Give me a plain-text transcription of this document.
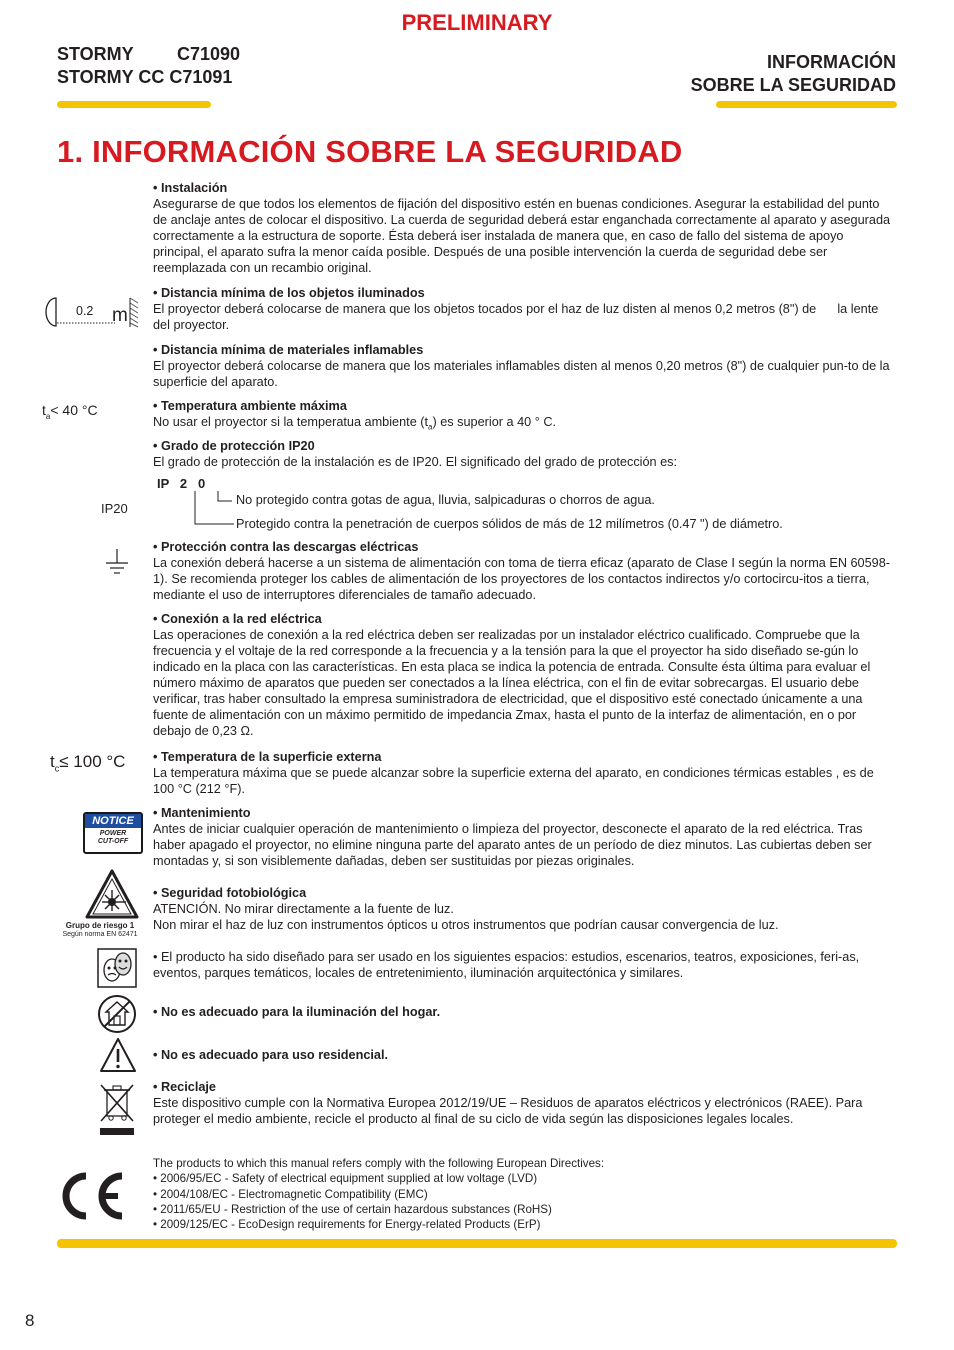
PRELIMINARY
STORMY C71090
STORMY CC C71091
INFORMACIÓN
SOBRE LA SEGURIDAD
1. INFORMACIÓN SOBRE LA SEGURIDAD
• Instalación
Asegurarse de que todos los elementos de fijación del dispositivo estén en buenas condiciones. Asegurar la estabilidad del punto de anclaje antes de colocar el dispositivo. La cuerda de seguridad deberá estar enganchada correctamente al aparato y asegurada correctamente a la estructura de soporte. Ésta deberá iser instalada de manera que, en caso de fallo del sistema de apoyo principal, el aparato sufra la menor caída posible. Después de una posible intervención la cuerda de seguridad debe ser reemplazada con un recambio original.
0.2 m
• Distancia mínima de los objetos iluminados
El proyector deberá colocarse de manera que los objetos tocados por el haz de luz disten al menos 0,2 metros (8") de      la lente del proyector.
• Distancia mínima de materiales inflamables
El proyector deberá colocarse de manera que los materiales inflamables disten al menos 0,20 metros (8") de cualquier pun-to de la superficie del aparato.
$t_a< 40$ °C	• Temperatura ambiente máxima
No usar el proyector si la temperatua ambiente $(t_a)$ es superior a 40 ° C.
• Grado de protección IP20
El grado de protección de la instalación es de IP20. El significado del grado de protección es:
IP20
IP   2   0
No protegido contra gotas de agua, lluvia, salpicaduras o chorros de agua.
Protegido contra la penetración de cuerpos sólidos de más de 12 milímetros (0.47 ") de diámetro.
• Protección contra las descargas eléctricas
La conexión deberá hacerse a un sistema de alimentación con toma de tierra eficaz (aparato de Clase I según la norma EN 60598-1). Se recomienda proteger los cables de alimentación de los proyectores de los contactos indirectos y/o cortocircu-itos a tierra, mediante el uso de interruptores diferenciales de tamaño adecuado.
• Conexión a la red eléctrica
Las operaciones de conexión a la red eléctrica deben ser realizadas por un instalador eléctrico cualificado. Compruebe que la frecuencia y el voltaje de la red corresponde a la frecuencia y a la tensión para la que el proyector ha sido diseñado se-gún lo indicado en la placa con las características. En esta placa se indica la potencia de entrada. Consulte ésta última para evaluar el número máximo de aparatos que pueden ser conectados a la línea eléctrica, con el fin de evitar sobrecargas. El usuario debe verificar, tras haber consultado la empresa suministradora de electricidad, que el dispositivo esté conectado únicamente a una fuente de alimentación con un máximo permitido de impedancia Zmax, hasta el punto de la interfaz de alimentación, en o por debajo de 0,23 Ω.
$t_c\le 100$ °C • Temperatura de la superficie externa
La temperatura máxima que se puede alcanzar sobre la superficie externa del aparato, en condiciones térmicas estables , es de 100 °C (212 °F).
NOTICE
POWER
CUT-OFF
• Mantenimiento
Antes de iniciar cualquier operación de mantenimiento o limpieza del proyector, desconecte el aparato de la red eléctrica. Tras haber apagado el proyector, no elimine ninguna parte del aparato antes de un período de diez minutos. Las cubiertas deben ser montadas y, si son visiblemente dañadas, deben ser sustituidas por piezas originales.
Grupo de riesgo 1
Según norma EN 62471
• Seguridad fotobiológica
ATENCIÓN. No mirar directamente a la fuente de luz.
Non mirar el haz de luz con instrumentos ópticos u otros instrumentos que podrían causar convergencia de luz.
• El producto ha sido diseñado para ser usado en los siguientes espacios: estudios, escenarios, teatros, exposiciones, feri-as, eventos, parques temáticos, locales de entretenimiento, iluminación arquitectónica y similares.
• No es adecuado para la iluminación del hogar.
• No es adecuado para uso residencial.
• Reciclaje
Este dispositivo cumple con la Normativa Europea 2012/19/UE – Residuos de aparatos eléctricos y electrónicos (RAEE). Para proteger el medio ambiente, recicle el producto al final de su ciclo de vida según las disposiciones legales locales.
The products to which this manual refers comply with the following European Directives:
• 2006/95/EC - Safety of electrical equipment supplied at low voltage (LVD)
• 2004/108/EC - Electromagnetic Compatibility (EMC)
• 2011/65/EU - Restriction of the use of certain hazardous substances (RoHS)
• 2009/125/EC - EcoDesign requirements for Energy-related Products (ErP)
8
